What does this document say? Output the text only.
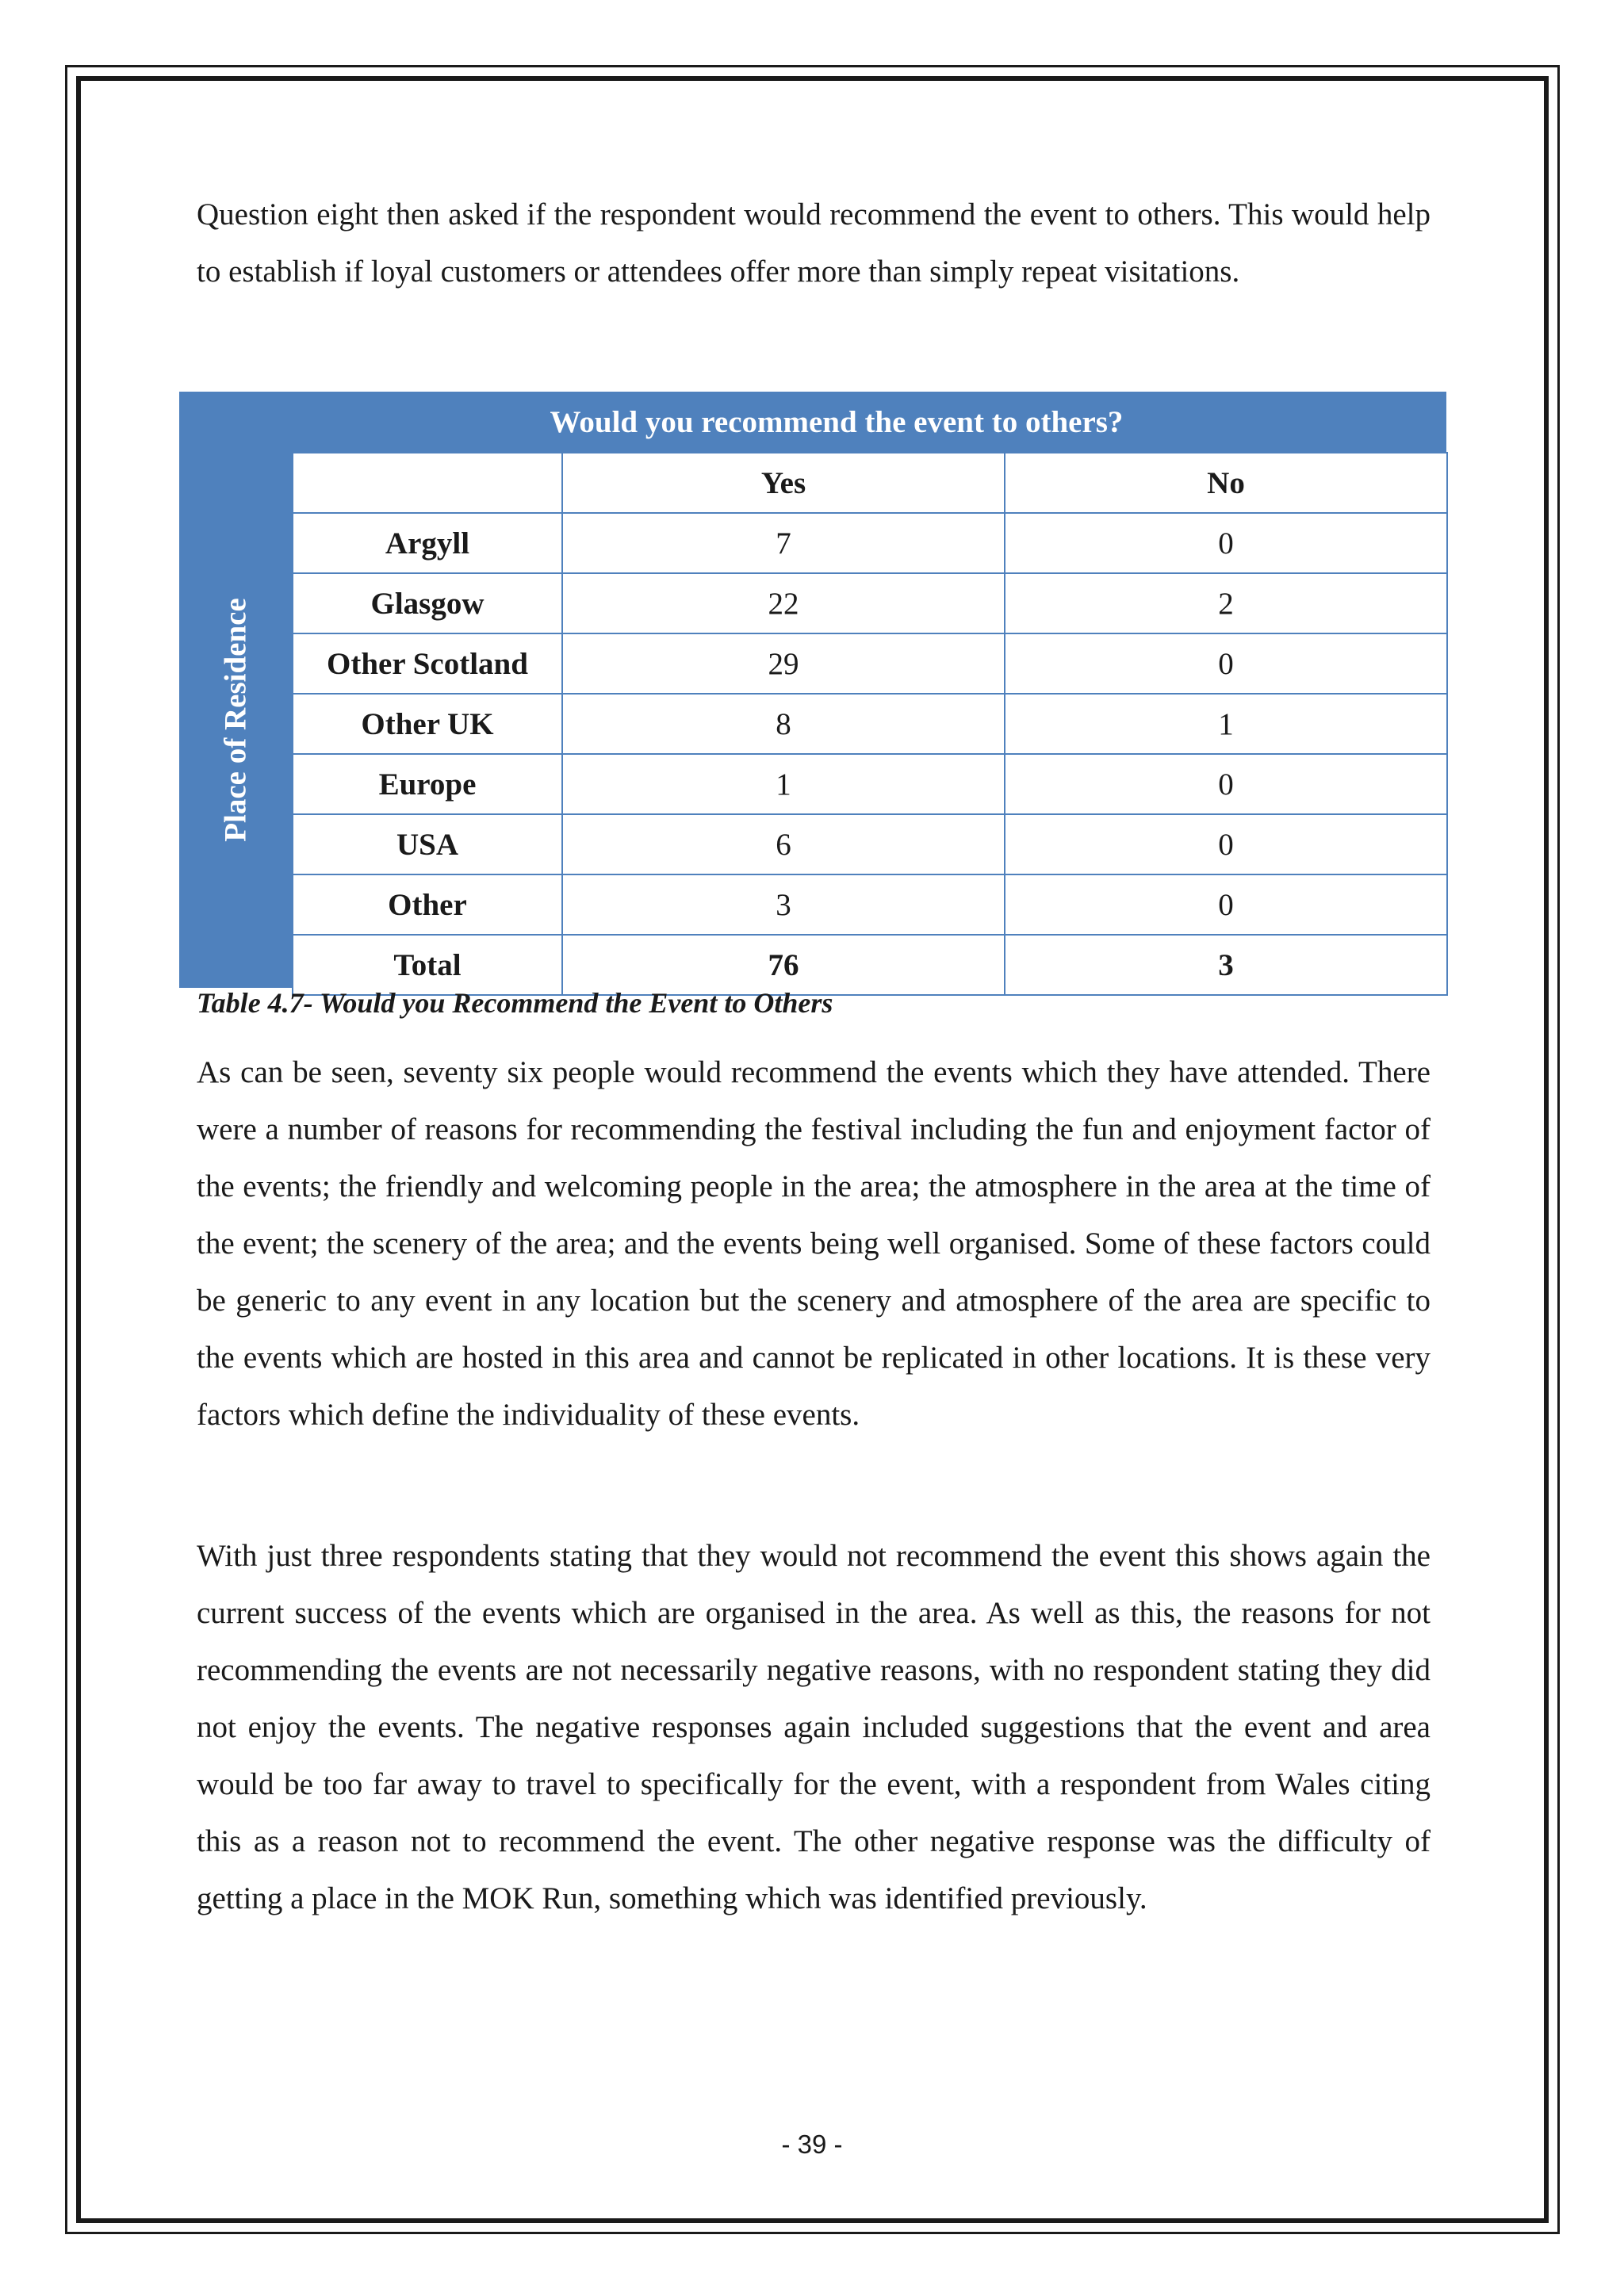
Question eight then asked if the respondent would recommend the event to others. This would help to establish if loyal customers or attendees offer more than simply repeat visitations.

Would you recommend the event to others?
Place of Residence
	Yes	No
Argyll	7	0
Glasgow	22	2
Other Scotland	29	0
Other UK	8	1
Europe	1	0
USA	6	0
Other	3	0
Total	76	3

Table 4.7- Would you Recommend the Event to Others

As can be seen, seventy six people would recommend the events which they have attended. There were a number of reasons for recommending the festival including the fun and enjoyment factor of the events; the friendly and welcoming people in the area; the atmosphere in the area at the time of the event; the scenery of the area; and the events being well organised. Some of these factors could be generic to any event in any location but the scenery and atmosphere of the area are specific to the events which are hosted in this area and cannot be replicated in other locations. It is these very factors which define the individuality of these events.

With just three respondents stating that they would not recommend the event this shows again the current success of the events which are organised in the area. As well as this, the reasons for not recommending the events are not necessarily negative reasons, with no respondent stating they did not enjoy the events. The negative responses again included suggestions that the event and area would be too far away to travel to specifically for the event, with a respondent from Wales citing this as a reason not to recommend the event. The other negative response was the difficulty of getting a place in the MOK Run, something which was identified previously.

- 39 -
